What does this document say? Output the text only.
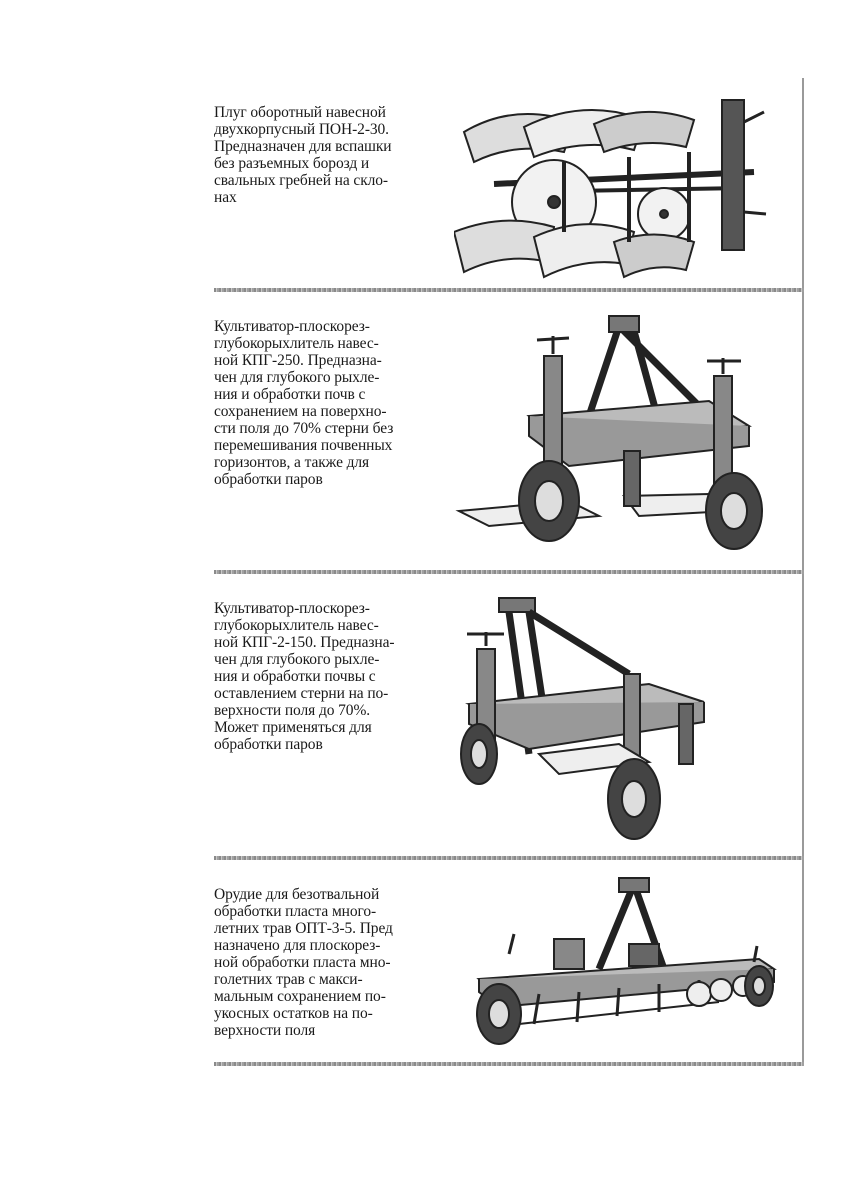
Плуг оборотный навесной
двухкорпусный ПОН-2-30.
Предназначен для вспашки
без разъемных борозд и
свальных гребней на скло-
нах
Культиватор-плоскорез-
глубокорыхлитель навес-
ной КПГ-250. Предназна-
чен для глубокого рыхле-
ния и обработки почв с
сохранением на поверхно-
сти поля до 70% стерни без
перемешивания почвенных
горизонтов, а также для
обработки паров
Культиватор-плоскорез-
глубокорыхлитель навес-
ной КПГ-2-150. Предназна-
чен для глубокого рыхле-
ния и обработки почвы с
оставлением стерни на по-
верхности поля до 70%.
Может применяться для
обработки паров
Орудие для безотвальной
обработки пласта много-
летних трав ОПТ-3-5. Пред
назначено для плоскорез-
ной обработки пласта мно-
голетних трав с макси-
мальным сохранением по-
укосных остатков на по-
верхности поля
